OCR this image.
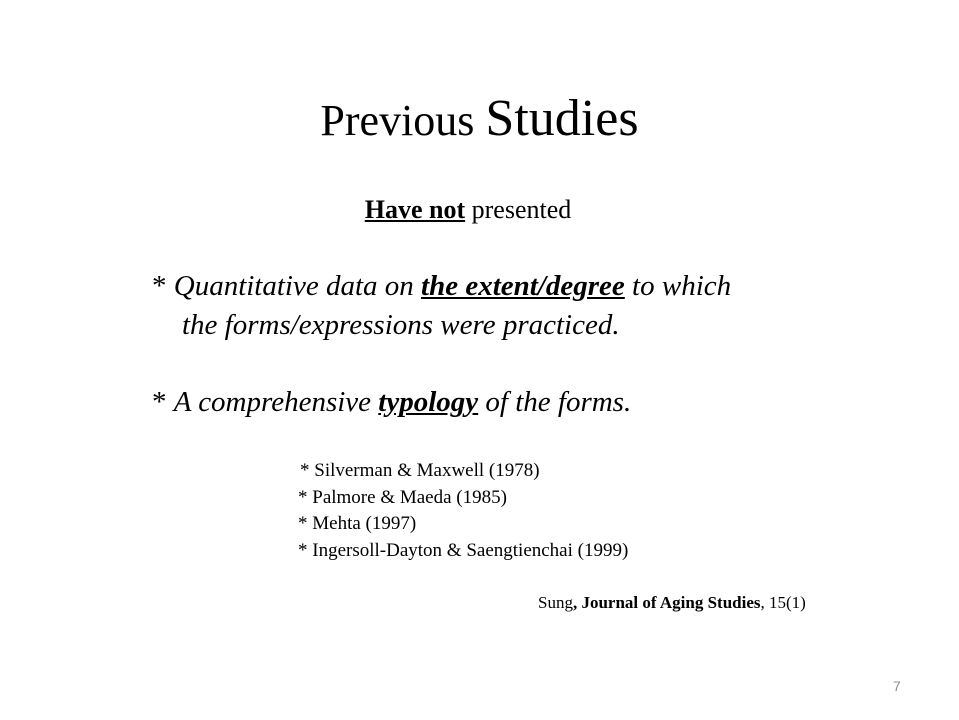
Previous Studies
Have not presented
* Quantitative data on the extent/degree to which
the forms/expressions were practiced.
* A comprehensive typology of the forms.
* Silverman & Maxwell (1978)
* Palmore & Maeda (1985)
* Mehta (1997)
* Ingersoll-Dayton & Saengtienchai (1999)
Sung, Journal of Aging Studies, 15(1)
7
